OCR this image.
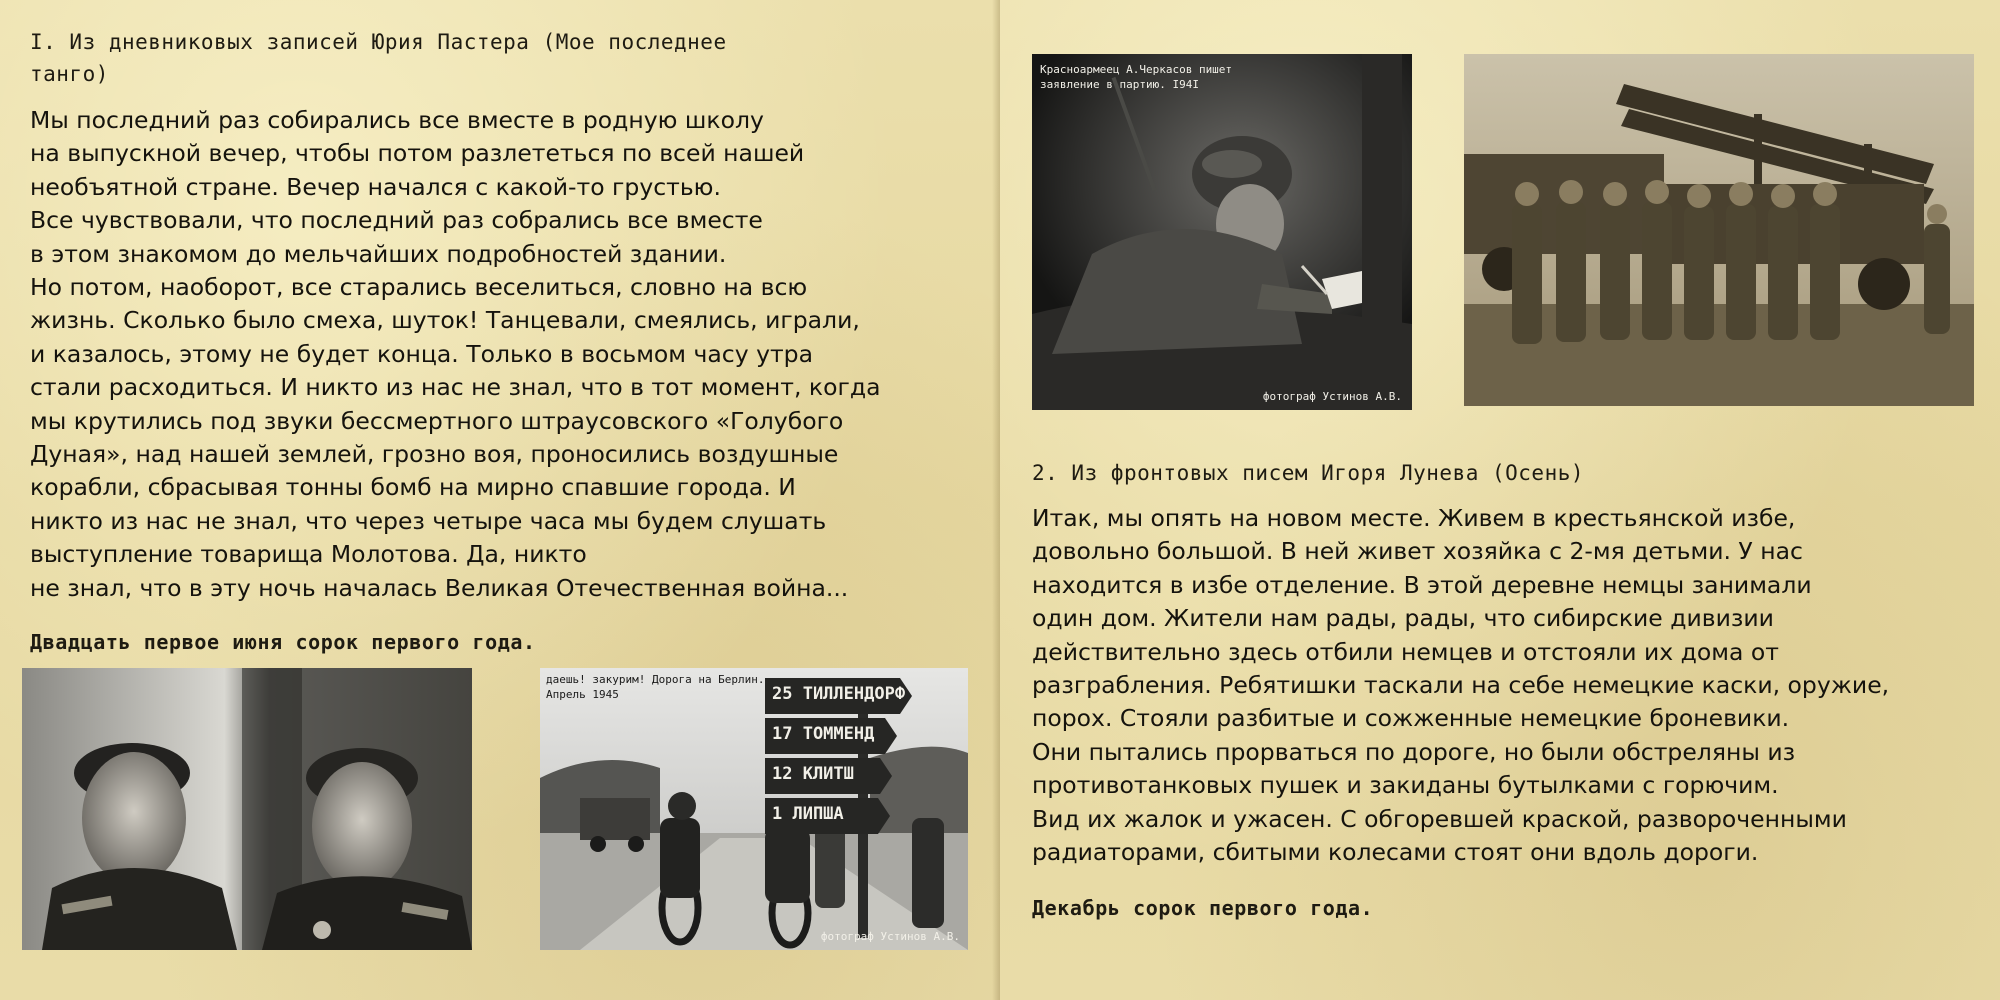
I. Из дневниковых записей Юрия Пастера (Мое последнее
танго)
Мы последний раз собирались все вместе в родную школу
на выпускной вечер, чтобы потом разлететься по всей нашей
необъятной стране. Вечер начался с какой-то грустью.
Все чувствовали, что последний раз собрались все вместе
в этом знакомом до мельчайших подробностей здании.
Но потом, наоборот, все старались веселиться, словно на всю
жизнь. Сколько было смеха, шуток! Танцевали, смеялись, играли,
и казалось, этому не будет конца. Только в восьмом часу утра
стали расходиться. И никто из нас не знал, что в тот момент, когда
мы крутились под звуки бессмертного штраусовского «Голубого
Дуная», над нашей землей, грозно воя, проносились воздушные
корабли, сбрасывая тонны бомб на мирно спавшие города. И
никто из нас не знал, что через четыре часа мы будем слушать
выступление товарища Молотова. Да, никто
не знал, что в эту ночь началась Великая Отечественная война...
Двадцать первое июня сорок первого года.
25 ТИЛЛЕНДОРФ
17 ТОММЕНД
12 КЛИТШ
1 ЛИПША
даешь! закурим! Дорога на Берлин.
Апрель 1945
фотограф Устинов А.В.
Красноармеец А.Черкасов пишет
заявление в партию. I94I
фотограф Устинов А.В.
2. Из фронтовых писем Игоря Лунева (Осень)
Итак, мы опять на новом месте. Живем в крестьянской избе,
довольно большой. В ней живет хозяйка с 2-мя детьми. У нас
находится в избе отделение. В этой деревне немцы занимали
один дом. Жители нам рады, рады, что сибирские дивизии
действительно здесь отбили немцев и отстояли их дома от
разграбления. Ребятишки таскали на себе немецкие каски, оружие,
порох. Стояли разбитые и сожженные немецкие броневики.
Они пытались прорваться по дороге, но были обстреляны из
противотанковых пушек и закиданы бутылками с горючим.
Вид их жалок и ужасен. С обгоревшей краской, развороченными
радиаторами, сбитыми колесами стоят они вдоль дороги.
Декабрь сорок первого года.
